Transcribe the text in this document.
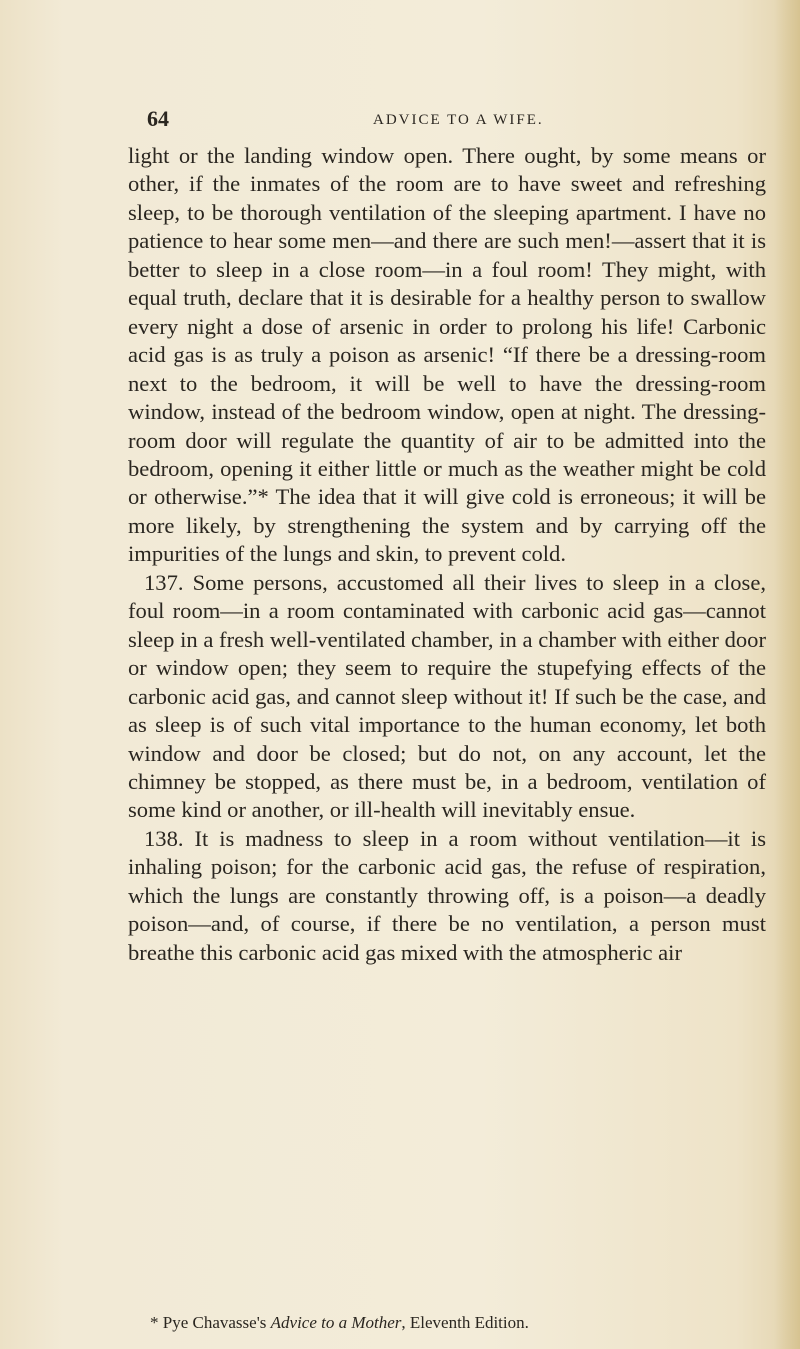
64	ADVICE TO A WIFE.

light or the landing window open. There ought, by some means or other, if the inmates of the room are to have sweet and refreshing sleep, to be thorough ventilation of the sleeping apartment. I have no patience to hear some men—and there are such men!—assert that it is better to sleep in a close room—in a foul room! They might, with equal truth, declare that it is desirable for a healthy person to swallow every night a dose of arsenic in order to prolong his life! Carbonic acid gas is as truly a poison as arsenic! “If there be a dressing-room next to the bedroom, it will be well to have the dressing-room window, instead of the bedroom window, open at night. The dressing-room door will regulate the quantity of air to be admitted into the bedroom, opening it either little or much as the weather might be cold or otherwise.”* The idea that it will give cold is erroneous; it will be more likely, by strengthening the system and by carrying off the impurities of the lungs and skin, to prevent cold.

137. Some persons, accustomed all their lives to sleep in a close, foul room—in a room contaminated with carbonic acid gas—cannot sleep in a fresh well-ventilated chamber, in a chamber with either door or window open; they seem to require the stupefying effects of the carbonic acid gas, and cannot sleep without it! If such be the case, and as sleep is of such vital importance to the human economy, let both window and door be closed; but do not, on any account, let the chimney be stopped, as there must be, in a bedroom, ventilation of some kind or another, or ill-health will inevitably ensue.

138. It is madness to sleep in a room without ventilation—it is inhaling poison; for the carbonic acid gas, the refuse of respiration, which the lungs are constantly throwing off, is a poison—a deadly poison—and, of course, if there be no ventilation, a person must breathe this carbonic acid gas mixed with the atmospheric air

* Pye Chavasse's Advice to a Mother, Eleventh Edition.
